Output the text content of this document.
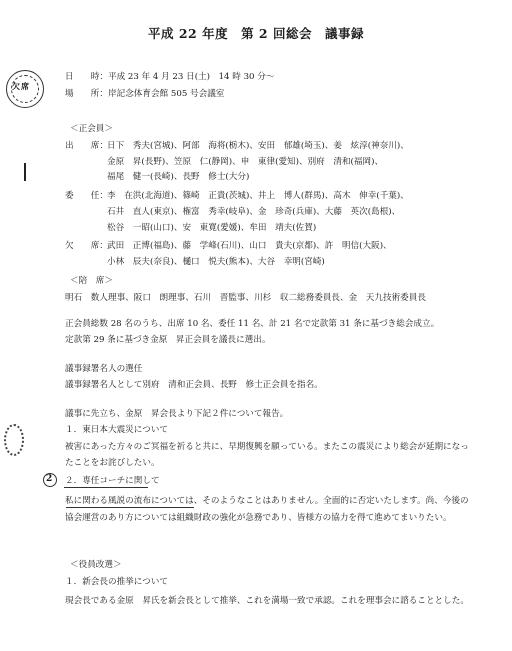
欠席
2
平成 22 年度　第 2 回総会　議事録
日　　時： 平成 23 年 4 月 23 日(土)　14 時 30 分～
場　　所： 岸記念体育会館 505 号会議室
＜正会員＞
出　　席： 日下　秀夫(宮城)、阿部　海将(栃木)、安田　郁雄(埼玉)、姜　炫淳(神奈川)、
金原　昇(長野)、笠原　仁(静岡)、申　東律(愛知)、別府　清和(福岡)、
福尾　健一(長崎)、長野　修士(大分)
委　　任： 李　在洪(北海道)、篠崎　正貴(茨城)、井上　博人(群馬)、高木　伸幸(千葉)、
石井　直人(東京)、権富　秀幸(岐阜)、金　珍奇(兵庫)、大藤　英次(島根)、
松谷　一昭(山口)、安　東寛(愛媛)、牟田　靖夫(佐賀)
欠　　席： 武田　正博(福島)、藤　学峰(石川)、山口　貴夫(京都)、許　明信(大阪)、
小林　辰夫(奈良)、樋口　悦夫(熊本)、大谷　幸明(宮崎)
＜陪　席＞
明石　数人理事、阪口　朗理事、石川　晋監事、川杉　収二総務委員長、金　天九技術委員長
正会員総数 28 名のうち、出席 10 名、委任 11 名、計 21 名で定款第 31 条に基づき総会成立。
定款第 29 条に基づき金原　昇正会員を議長に選出。
議事録署名人の選任
議事録署名人として別府　清和正会員、長野　修士正会員を指名。
議事に先立ち、金原　昇会長より下記２件について報告。
１．東日本大震災について
被害にあった方々のご冥福を祈ると共に、早期復興を願っている。またこの震災により総会が延期になっ
たことをお詫びしたい。
２．専任コーチに関して
私に関わる風説の流布については、そのようなことはありません。全面的に否定いたします。尚、今後の
協会運営のあり方については組織財政の強化が急務であり、皆様方の協力を得て進めてまいりたい。
＜役員改選＞
１．新会長の推挙について
現会長である金原　昇氏を新会長として推挙、これを満場一致で承認。これを理事会に諮ることとした。
